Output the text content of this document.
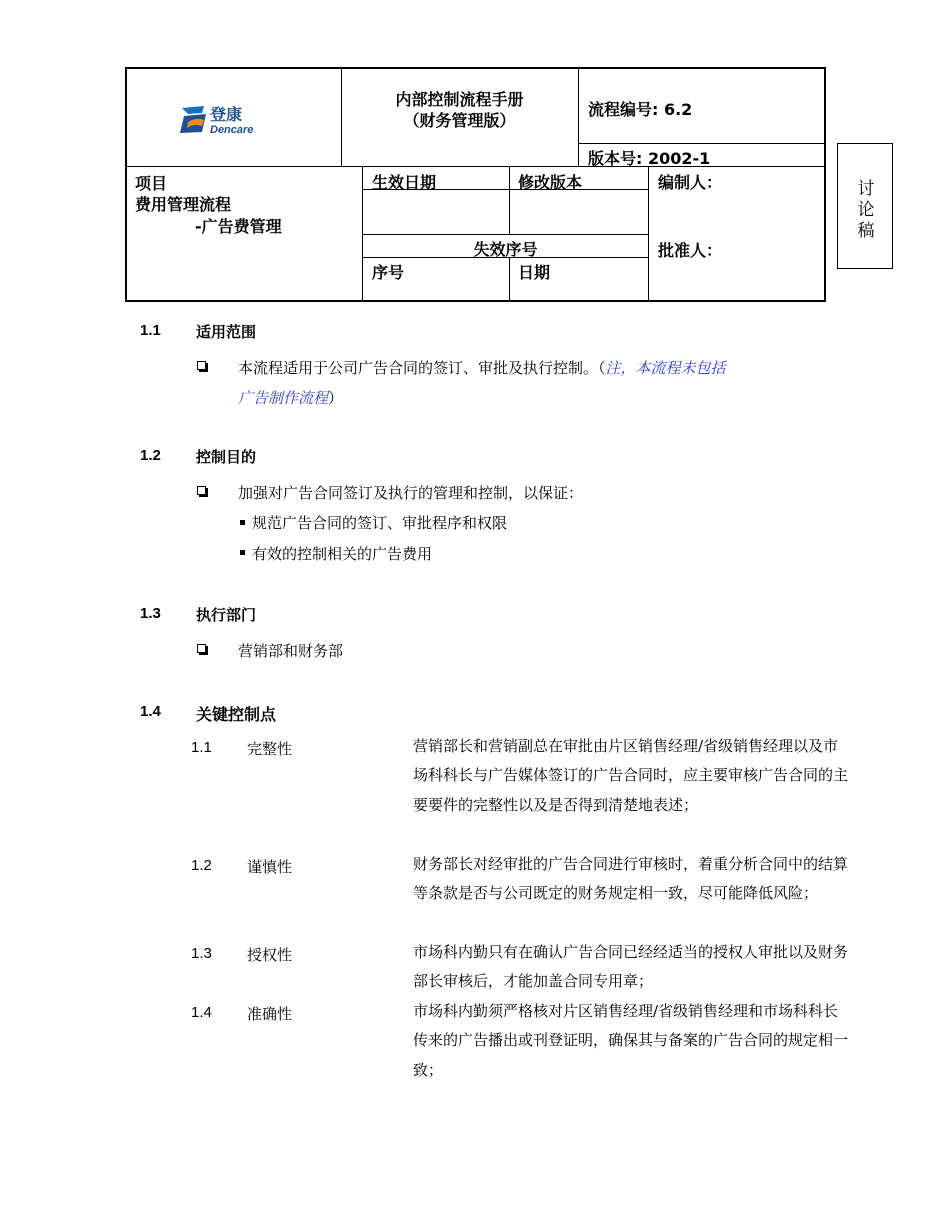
登康
Dencare
内部控制流程手册
（财务管理版）
流程编号: 6.2
版本号: 2002-1
项目
费用管理流程
-广告费管理
生效日期	修改版本	编制人：
失效序号	批准人：
序号	日期
讨
论
稿
1.1 适用范围
本流程适用于公司广告合同的签订、审批及执行控制。（注，本流程未包括
广告制作流程）
1.2 控制目的
加强对广告合同签订及执行的管理和控制，以保证：
规范广告合同的签订、审批程序和权限
有效的控制相关的广告费用
1.3 执行部门
营销部和财务部
1.4 关键控制点
1.1 完整性	营销部长和营销副总在审批由片区销售经理/省级销售经理以及市场科科长与广告媒体签订的广告合同时，应主要审核广告合同的主要要件的完整性以及是否得到清楚地表述；
1.2 谨慎性	财务部长对经审批的广告合同进行审核时，着重分析合同中的结算等条款是否与公司既定的财务规定相一致，尽可能降低风险；
1.3 授权性	市场科内勤只有在确认广告合同已经经适当的授权人审批以及财务部长审核后，才能加盖合同专用章；
1.4 准确性	市场科内勤须严格核对片区销售经理/省级销售经理和市场科科长传来的广告播出或刊登证明，确保其与备案的广告合同的规定相一致；
